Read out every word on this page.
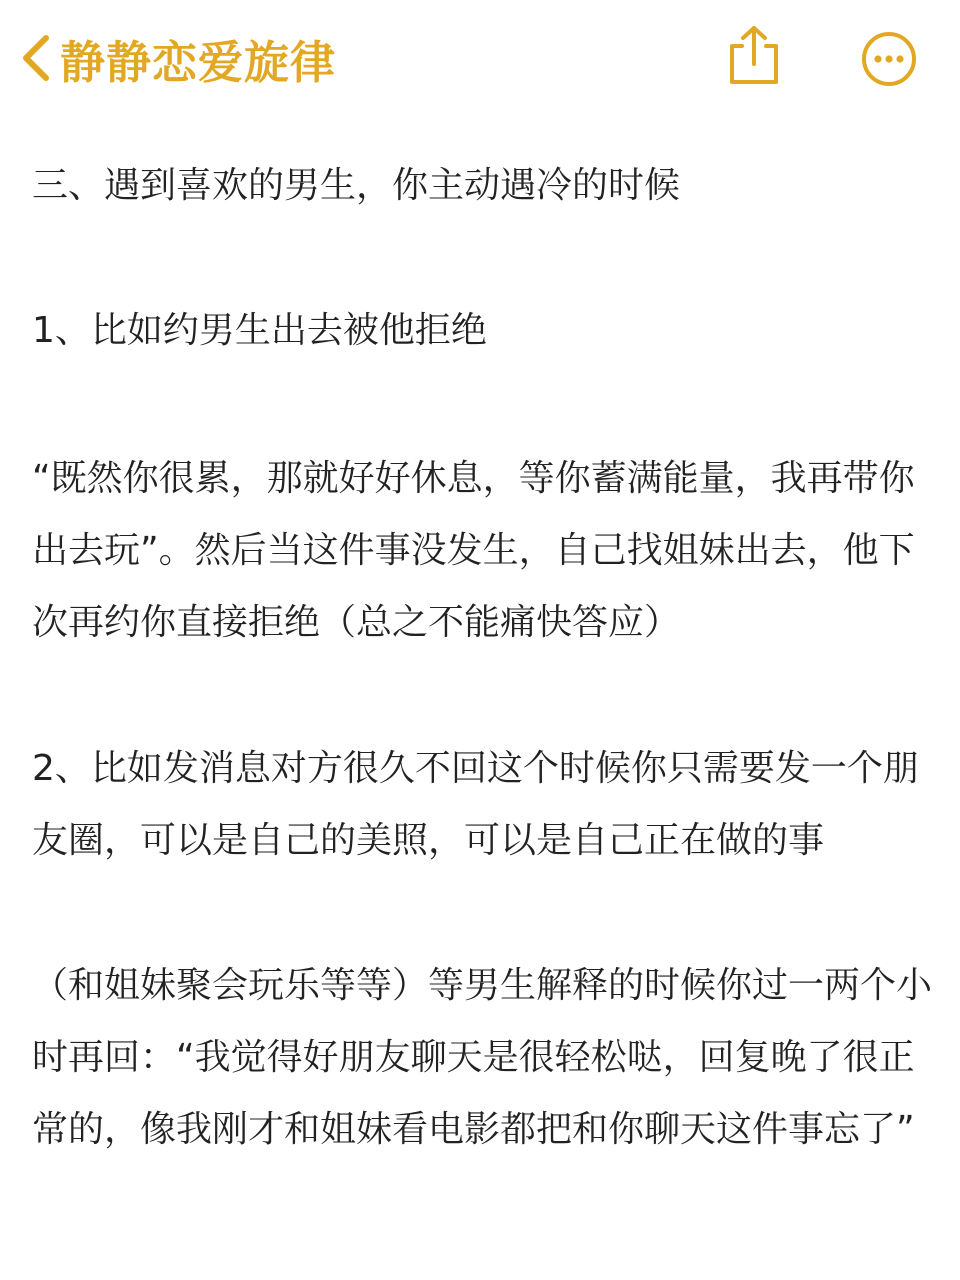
静静恋爱旋律

三、遇到喜欢的男生，你主动遇冷的时候

1、比如约男生出去被他拒绝

“既然你很累，那就好好休息，等你蓄满能量，我再带你出去玩”。然后当这件事没发生，自己找姐妹出去，他下次再约你直接拒绝（总之不能痛快答应）

2、比如发消息对方很久不回这个时候你只需要发一个朋友圈，可以是自己的美照，可以是自己正在做的事

（和姐妹聚会玩乐等等）等男生解释的时候你过一两个小时再回：“我觉得好朋友聊天是很轻松哒，回复晚了很正常的，像我刚才和姐妹看电影都把和你聊天这件事忘了”
